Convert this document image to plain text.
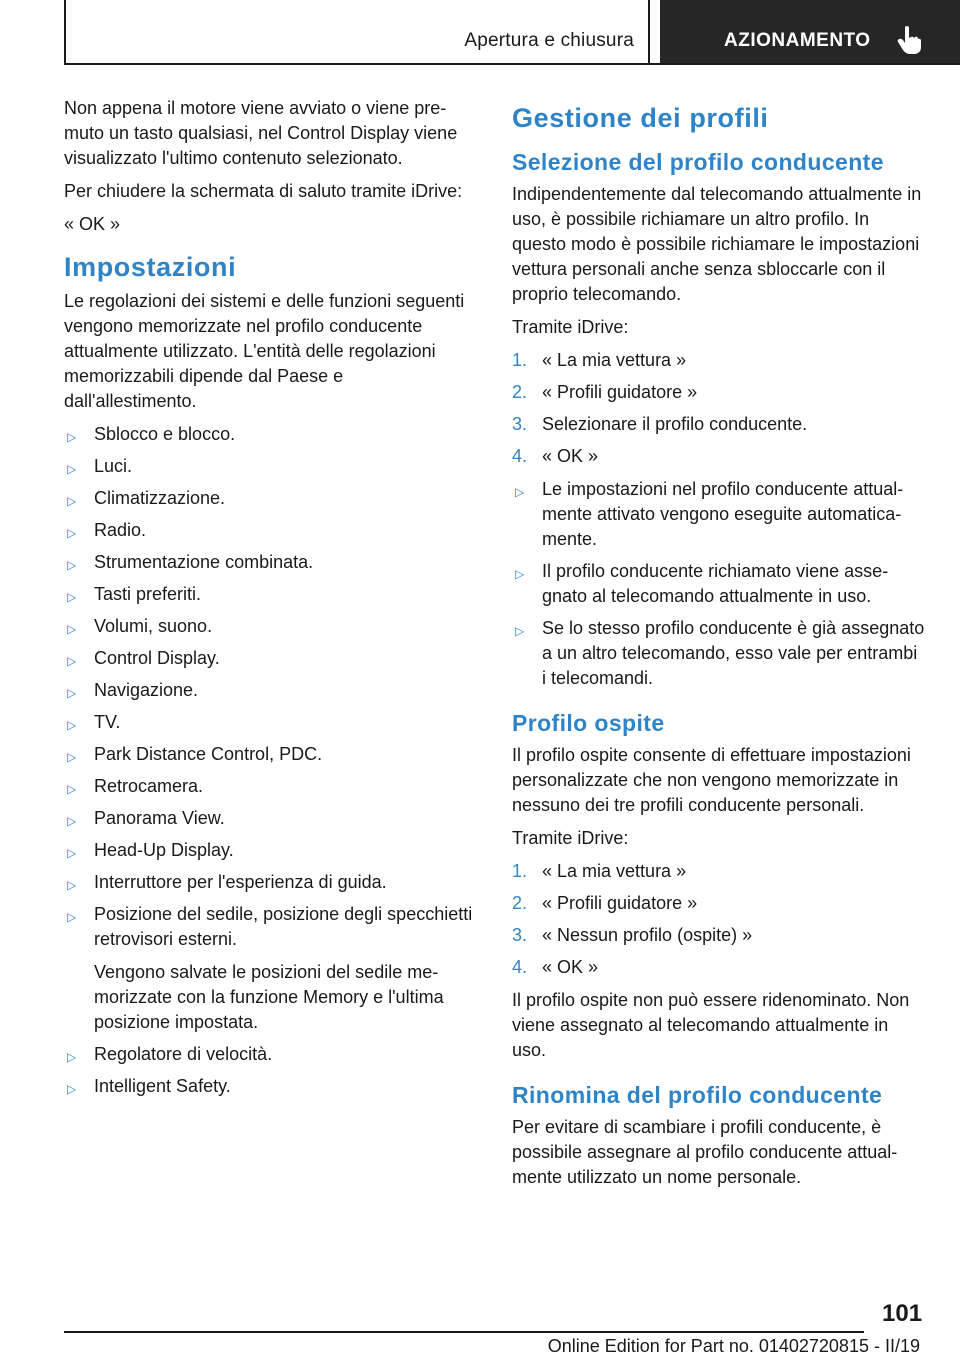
Apertura e chiusura	AZIONAMENTO

Non appena il motore viene avviato o viene premuto un tasto qualsiasi, nel Control Display viene visualizzato l'ultimo contenuto selezionato.

Per chiudere la schermata di saluto tramite iDrive:

« OK »

Impostazioni

Le regolazioni dei sistemi e delle funzioni seguenti vengono memorizzate nel profilo conducente attualmente utilizzato. L'entità delle regolazioni memorizzabili dipende dal Paese e dall'allestimento.

▷ Sblocco e blocco.
▷ Luci.
▷ Climatizzazione.
▷ Radio.
▷ Strumentazione combinata.
▷ Tasti preferiti.
▷ Volumi, suono.
▷ Control Display.
▷ Navigazione.
▷ TV.
▷ Park Distance Control, PDC.
▷ Retrocamera.
▷ Panorama View.
▷ Head-Up Display.
▷ Interruttore per l'esperienza di guida.
▷ Posizione del sedile, posizione degli specchietti retrovisori esterni.
Vengono salvate le posizioni del sedile memorizzate con la funzione Memory e l'ultima posizione impostata.
▷ Regolatore di velocità.
▷ Intelligent Safety.
Gestione dei profili
Selezione del profilo conducente

Indipendentemente dal telecomando attualmente in uso, è possibile richiamare un altro profilo. In questo modo è possibile richiamare le impostazioni vettura personali anche senza sbloccarle con il proprio telecomando.

Tramite iDrive:

1. « La mia vettura »
2. « Profili guidatore »
3. Selezionare il profilo conducente.
4. « OK »
▷ Le impostazioni nel profilo conducente attualmente attivato vengono eseguite automaticamente.
▷ Il profilo conducente richiamato viene assegnato al telecomando attualmente in uso.
▷ Se lo stesso profilo conducente è già assegnato a un altro telecomando, esso vale per entrambi i telecomandi.
Profilo ospite

Il profilo ospite consente di effettuare impostazioni personalizzate che non vengono memorizzate in nessuno dei tre profili conducente personali.

Tramite iDrive:

1. « La mia vettura »
2. « Profili guidatore »
3. « Nessun profilo (ospite) »
4. « OK »

Il profilo ospite non può essere ridenominato. Non viene assegnato al telecomando attualmente in uso.

Rinomina del profilo conducente

Per evitare di scambiare i profili conducente, è possibile assegnare al profilo conducente attualmente utilizzato un nome personale.

101
Online Edition for Part no. 01402720815 - II/19
